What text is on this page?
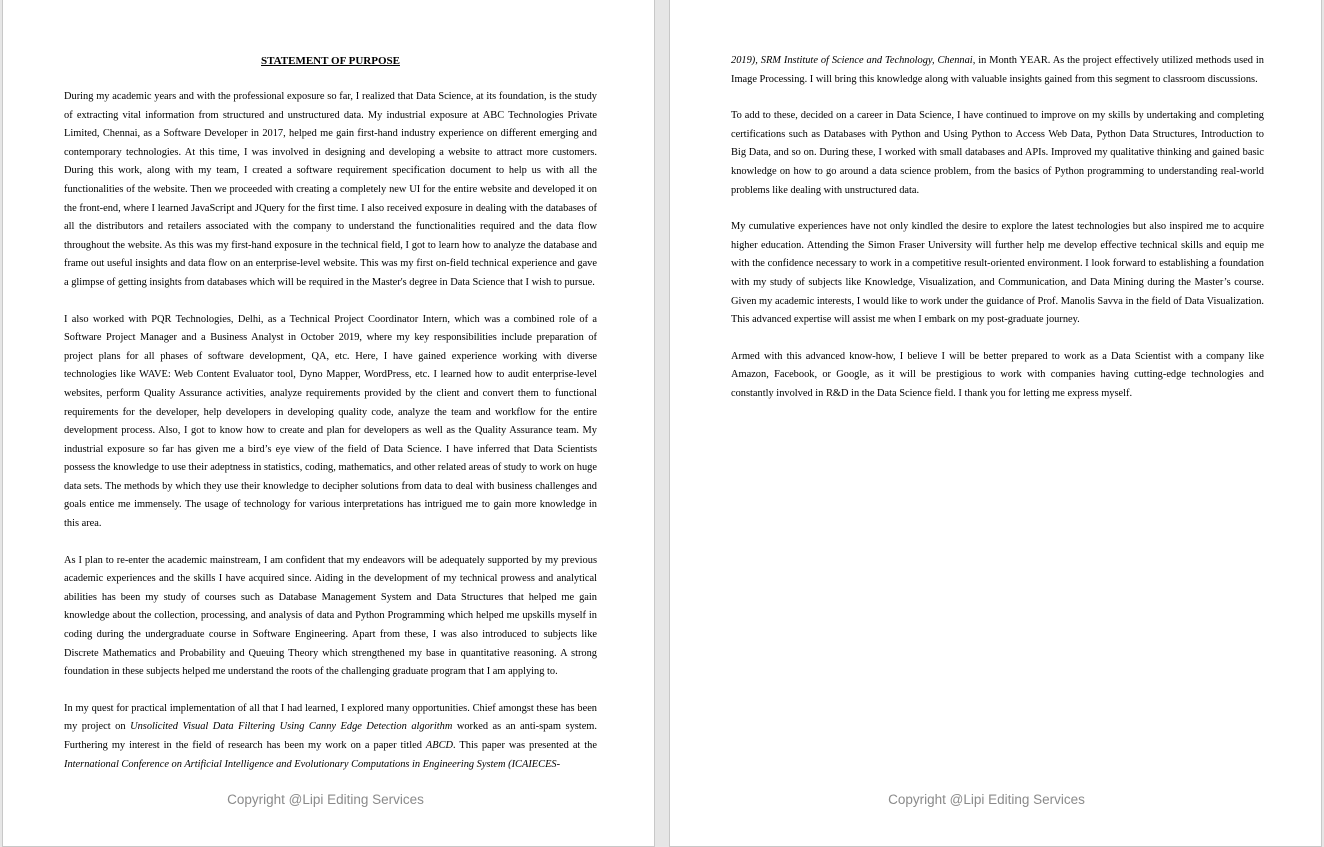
STATEMENT OF PURPOSE

During my academic years and with the professional exposure so far, I realized that Data Science, at its foundation, is the study of extracting vital information from structured and unstructured data. My industrial exposure at ABC Technologies Private Limited, Chennai, as a Software Developer in 2017, helped me gain first-hand industry experience on different emerging and contemporary technologies. At this time, I was involved in designing and developing a website to attract more customers. During this work, along with my team, I created a software requirement specification document to help us with all the functionalities of the website. Then we proceeded with creating a completely new UI for the entire website and developed it on the front-end, where I learned JavaScript and JQuery for the first time. I also received exposure in dealing with the databases of all the distributors and retailers associated with the company to understand the functionalities required and the data flow throughout the website. As this was my first-hand exposure in the technical field, I got to learn how to analyze the database and frame out useful insights and data flow on an enterprise-level website. This was my first on-field technical experience and gave a glimpse of getting insights from databases which will be required in the Master's degree in Data Science that I wish to pursue.

I also worked with PQR Technologies, Delhi, as a Technical Project Coordinator Intern, which was a combined role of a Software Project Manager and a Business Analyst in October 2019, where my key responsibilities include preparation of project plans for all phases of software development, QA, etc. Here, I have gained experience working with diverse technologies like WAVE: Web Content Evaluator tool, Dyno Mapper, WordPress, etc. I learned how to audit enterprise-level websites, perform Quality Assurance activities, analyze requirements provided by the client and convert them to functional requirements for the developer, help developers in developing quality code, analyze the team and workflow for the entire development process. Also, I got to know how to create and plan for developers as well as the Quality Assurance team. My industrial exposure so far has given me a bird’s eye view of the field of Data Science. I have inferred that Data Scientists possess the knowledge to use their adeptness in statistics, coding, mathematics, and other related areas of study to work on huge data sets. The methods by which they use their knowledge to decipher solutions from data to deal with business challenges and goals entice me immensely. The usage of technology for various interpretations has intrigued me to gain more knowledge in this area.

As I plan to re-enter the academic mainstream, I am confident that my endeavors will be adequately supported by my previous academic experiences and the skills I have acquired since. Aiding in the development of my technical prowess and analytical abilities has been my study of courses such as Database Management System and Data Structures that helped me gain knowledge about the collection, processing, and analysis of data and Python Programming which helped me upskills myself in coding during the undergraduate course in Software Engineering. Apart from these, I was also introduced to subjects like Discrete Mathematics and Probability and Queuing Theory which strengthened my base in quantitative reasoning. A strong foundation in these subjects helped me understand the roots of the challenging graduate program that I am applying to.

In my quest for practical implementation of all that I had learned, I explored many opportunities. Chief amongst these has been my project on Unsolicited Visual Data Filtering Using Canny Edge Detection algorithm worked as an anti-spam system. Furthering my interest in the field of research has been my work on a paper titled ABCD. This paper was presented at the International Conference on Artificial Intelligence and Evolutionary Computations in Engineering System (ICAIECES-

Copyright @Lipi Editing Services

2019), SRM Institute of Science and Technology, Chennai, in Month YEAR. As the project effectively utilized methods used in Image Processing. I will bring this knowledge along with valuable insights gained from this segment to classroom discussions.

To add to these, decided on a career in Data Science, I have continued to improve on my skills by undertaking and completing certifications such as Databases with Python and Using Python to Access Web Data, Python Data Structures, Introduction to Big Data, and so on. During these, I worked with small databases and APIs. Improved my qualitative thinking and gained basic knowledge on how to go around a data science problem, from the basics of Python programming to understanding real-world problems like dealing with unstructured data.

My cumulative experiences have not only kindled the desire to explore the latest technologies but also inspired me to acquire higher education. Attending the Simon Fraser University will further help me develop effective technical skills and equip me with the confidence necessary to work in a competitive result-oriented environment. I look forward to establishing a foundation with my study of subjects like Knowledge, Visualization, and Communication, and Data Mining during the Master’s course. Given my academic interests, I would like to work under the guidance of Prof. Manolis Savva in the field of Data Visualization. This advanced expertise will assist me when I embark on my post-graduate journey.

Armed with this advanced know-how, I believe I will be better prepared to work as a Data Scientist with a company like Amazon, Facebook, or Google, as it will be prestigious to work with companies having cutting-edge technologies and constantly involved in R&D in the Data Science field. I thank you for letting me express myself.

Copyright @Lipi Editing Services
